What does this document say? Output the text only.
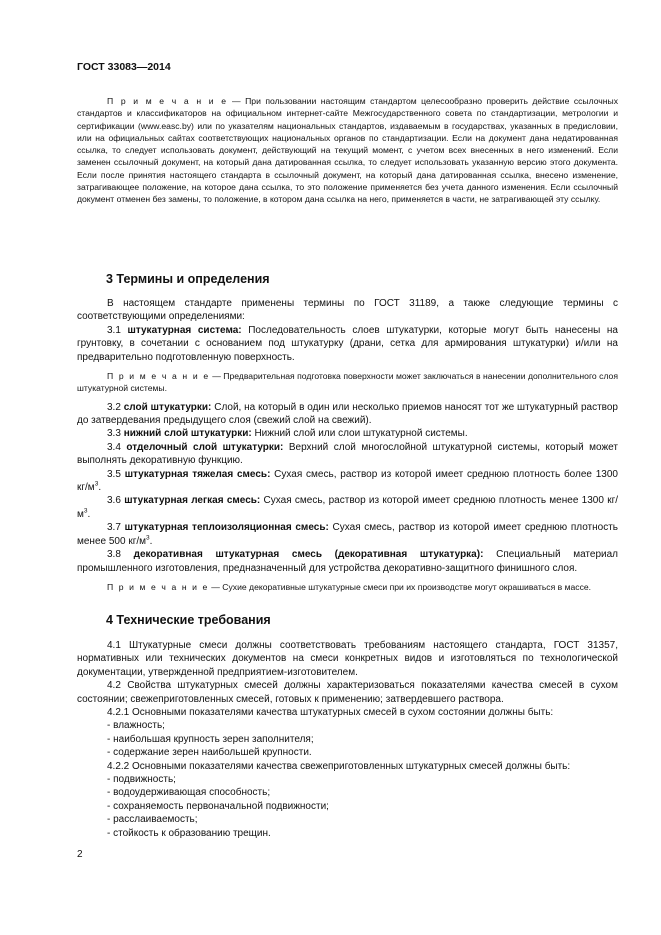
ГОСТ 33083—2014

П р и м е ч а н и е — При пользовании настоящим стандартом целесообразно проверить действие ссылочных стандартов и классификаторов на официальном интернет-сайте Межгосударственного совета по стандартизации, метрологии и сертификации (www.easc.by) или по указателям национальных стандартов, издаваемым в государствах, указанных в предисловии, или на официальных сайтах соответствующих национальных органов по стандартизации. Если на документ дана недатированная ссылка, то следует использовать документ, действующий на текущий момент, с учетом всех внесенных в него изменений. Если заменен ссылочный документ, на который дана датированная ссылка, то следует использовать указанную версию этого документа. Если после принятия настоящего стандарта в ссылочный документ, на который дана датированная ссылка, внесено изменение, затрагивающее положение, на которое дана ссылка, то это положение применяется без учета данного изменения. Если ссылочный документ отменен без замены, то положение, в котором дана ссылка на него, применяется в части, не затрагивающей эту ссылку.

3 Термины и определения

В настоящем стандарте применены термины по ГОСТ 31189, а также следующие термины с соответствующими определениями:

3.1 штукатурная система: Последовательность слоев штукатурки, которые могут быть нанесены на грунтовку, в сочетании с основанием под штукатурку (драни, сетка для армирования штукатурки) и/или на предварительно подготовленную поверхность.

П р и м е ч а н и е — Предварительная подготовка поверхности может заключаться в нанесении дополнительного слоя штукатурной системы.

3.2 слой штукатурки: Слой, на который в один или несколько приемов наносят тот же штукатурный раствор до затвердевания предыдущего слоя (свежий слой на свежий).

3.3 нижний слой штукатурки: Нижний слой или слои штукатурной системы.

3.4 отделочный слой штукатурки: Верхний слой многослойной штукатурной системы, который может выполнять декоративную функцию.

3.5 штукатурная тяжелая смесь: Сухая смесь, раствор из которой имеет среднюю плотность более 1300 $кг/м^3$.

3.6 штукатурная легкая смесь: Сухая смесь, раствор из которой имеет среднюю плотность менее 1300 $кг/м^3$.

3.7 штукатурная теплоизоляционная смесь: Сухая смесь, раствор из которой имеет среднюю плотность менее 500 $кг/м^3$.

3.8 декоративная штукатурная смесь (декоративная штукатурка): Специальный материал промышленного изготовления, предназначенный для устройства декоративно-защитного финишного слоя.

П р и м е ч а н и е — Сухие декоративные штукатурные смеси при их производстве могут окрашиваться в массе.

4 Технические требования

4.1 Штукатурные смеси должны соответствовать требованиям настоящего стандарта, ГОСТ 31357, нормативных или технических документов на смеси конкретных видов и изготовляться по технологической документации, утвержденной предприятием-изготовителем.

4.2 Свойства штукатурных смесей должны характеризоваться показателями качества смесей в сухом состоянии; свежеприготовленных смесей, готовых к применению; затвердевшего раствора.

4.2.1 Основными показателями качества штукатурных смесей в сухом состоянии должны быть:

- влажность;
- наибольшая крупность зерен заполнителя;
- содержание зерен наибольшей крупности.

4.2.2 Основными показателями качества свежеприготовленных штукатурных смесей должны быть:

- подвижность;
- водоудерживающая способность;
- сохраняемость первоначальной подвижности;
- расслаиваемость;
- стойкость к образованию трещин.
2
